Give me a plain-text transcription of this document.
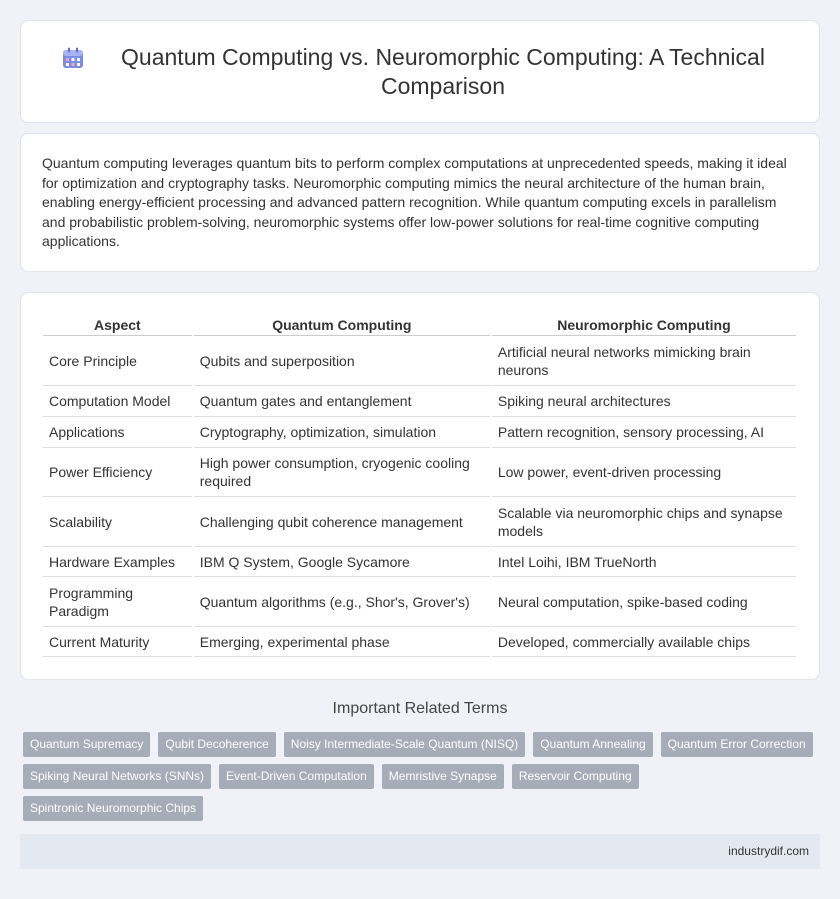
Quantum Computing vs. Neuromorphic Computing: A Technical Comparison

Quantum computing leverages quantum bits to perform complex computations at unprecedented speeds, making it ideal for optimization and cryptography tasks. Neuromorphic computing mimics the neural architecture of the human brain, enabling energy-efficient processing and advanced pattern recognition. While quantum computing excels in parallelism and probabilistic problem-solving, neuromorphic systems offer low-power solutions for real-time cognitive computing applications.

Aspect	Quantum Computing	Neuromorphic Computing
Core Principle	Qubits and superposition	Artificial neural networks mimicking brain neurons
Computation Model	Quantum gates and entanglement	Spiking neural architectures
Applications	Cryptography, optimization, simulation	Pattern recognition, sensory processing, AI
Power Efficiency	High power consumption, cryogenic cooling required	Low power, event-driven processing
Scalability	Challenging qubit coherence management	Scalable via neuromorphic chips and synapse models
Hardware Examples	IBM Q System, Google Sycamore	Intel Loihi, IBM TrueNorth
Programming Paradigm	Quantum algorithms (e.g., Shor's, Grover's)	Neural computation, spike-based coding
Current Maturity	Emerging, experimental phase	Developed, commercially available chips
Important Related Terms
Quantum Supremacy	Qubit Decoherence	Noisy Intermediate-Scale Quantum (NISQ)	Quantum Annealing	Quantum Error Correction
Spiking Neural Networks (SNNs)	Event-Driven Computation	Memristive Synapse	Reservoir Computing
Spintronic Neuromorphic Chips
industrydif.com
